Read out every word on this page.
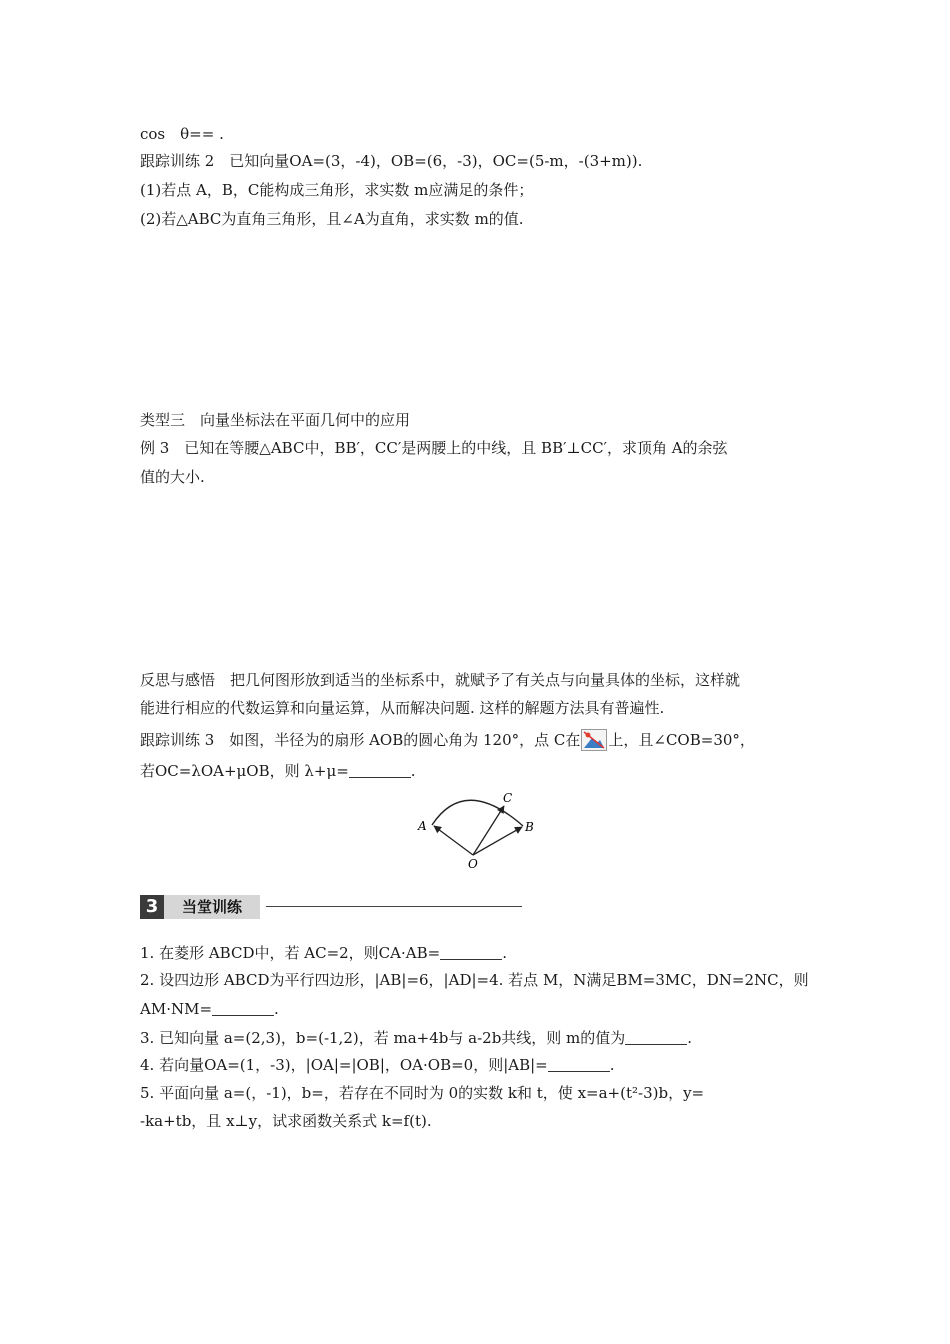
cos　θ== .
跟踪训练 2　已知向量OA=(3，-4)，OB=(6，-3)，OC=(5-m，-(3+m)).
(1)若点 A，B，C能构成三角形，求实数 m应满足的条件；
(2)若△ABC为直角三角形，且∠A为直角，求实数 m的值.
类型三　向量坐标法在平面几何中的应用
例 3　已知在等腰△ABC中，BB′，CC′是两腰上的中线，且 BB′⊥CC′，求顶角 A的余弦
值的大小.
反思与感悟　把几何图形放到适当的坐标系中，就赋予了有关点与向量具体的坐标，这样就
能进行相应的代数运算和向量运算，从而解决问题. 这样的解题方法具有普遍性.
跟踪训练 3　如图，半径为的扇形 AOB的圆心角为 120°，点 C在 上，且∠COB=30°，
若OC=λOA+μOB，则 λ+μ=	.
A	B
C
O
3	当堂训练
1. 在菱形 ABCD中，若 AC=2，则CA·AB=	.
2. 设四边形 ABCD为平行四边形，|AB|=6，|AD|=4. 若点 M，N满足BM=3MC，DN=2NC，则
AM·NM=	.
3. 已知向量 a=(2,3)，b=(-1,2)，若 ma+4b与 a-2b共线，则 m的值为	.
4. 若向量OA=(1，-3)，|OA|=|OB|，OA·OB=0，则|AB|=	.
5. 平面向量 a=(，-1)，b=，若存在不同时为 0的实数 k和 t，使 x=a+(t²-3)b，y=
-ka+tb，且 x⊥y，试求函数关系式 k=f(t).
